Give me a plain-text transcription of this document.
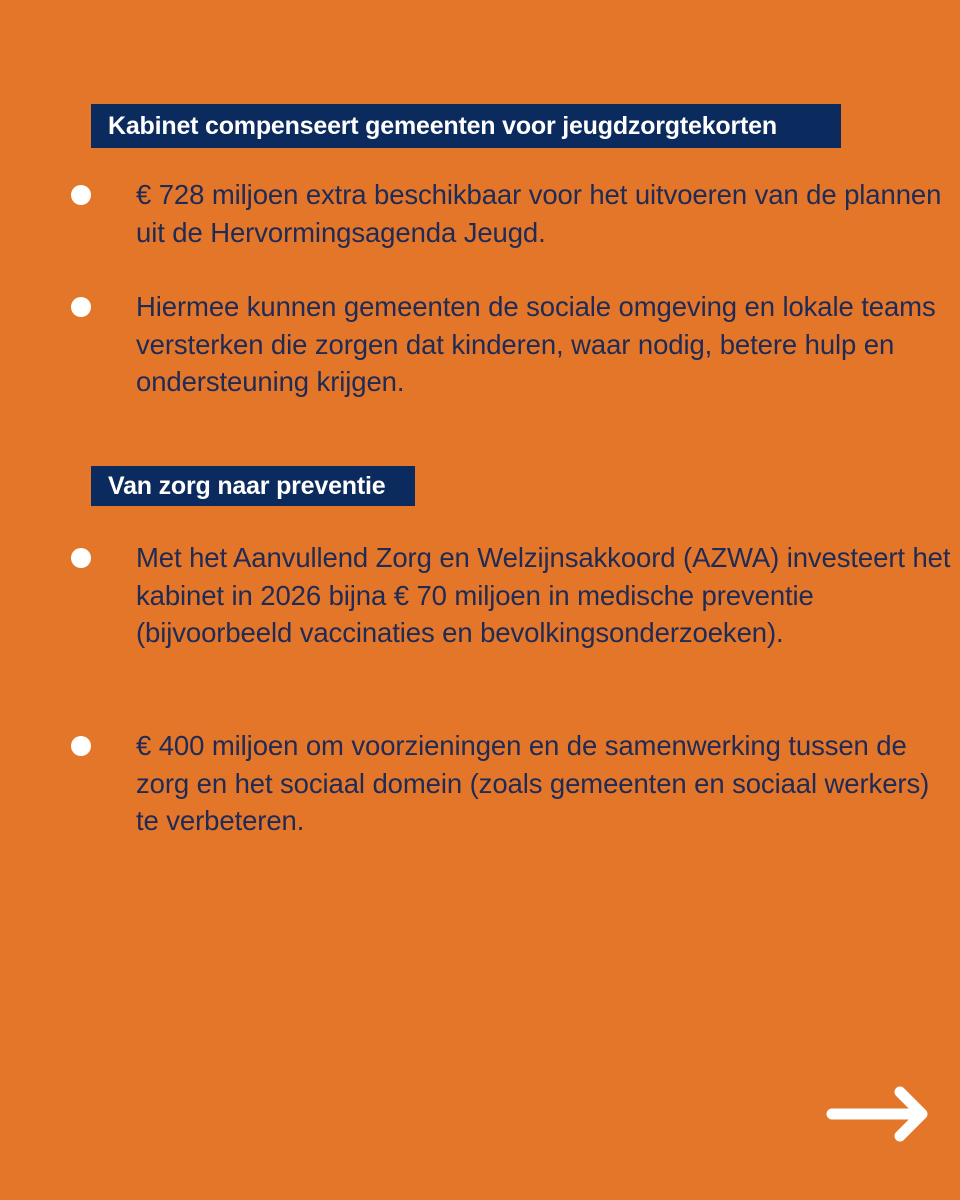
Kabinet compenseert gemeenten voor jeugdzorgtekorten
€ 728 miljoen extra beschikbaar voor het uitvoeren van de plannen uit de Hervormingsagenda Jeugd.
Hiermee kunnen gemeenten de sociale omgeving en lokale teams versterken die zorgen dat kinderen, waar nodig, betere hulp en ondersteuning krijgen.
Van zorg naar preventie
Met het Aanvullend Zorg en Welzijnsakkoord (AZWA) investeert het kabinet in 2026 bijna € 70 miljoen in medische preventie (bijvoorbeeld vaccinaties en bevolkingsonderzoeken).
€ 400 miljoen om voorzieningen en de samenwerking tussen de zorg en het sociaal domein (zoals gemeenten en sociaal werkers) te verbeteren.
